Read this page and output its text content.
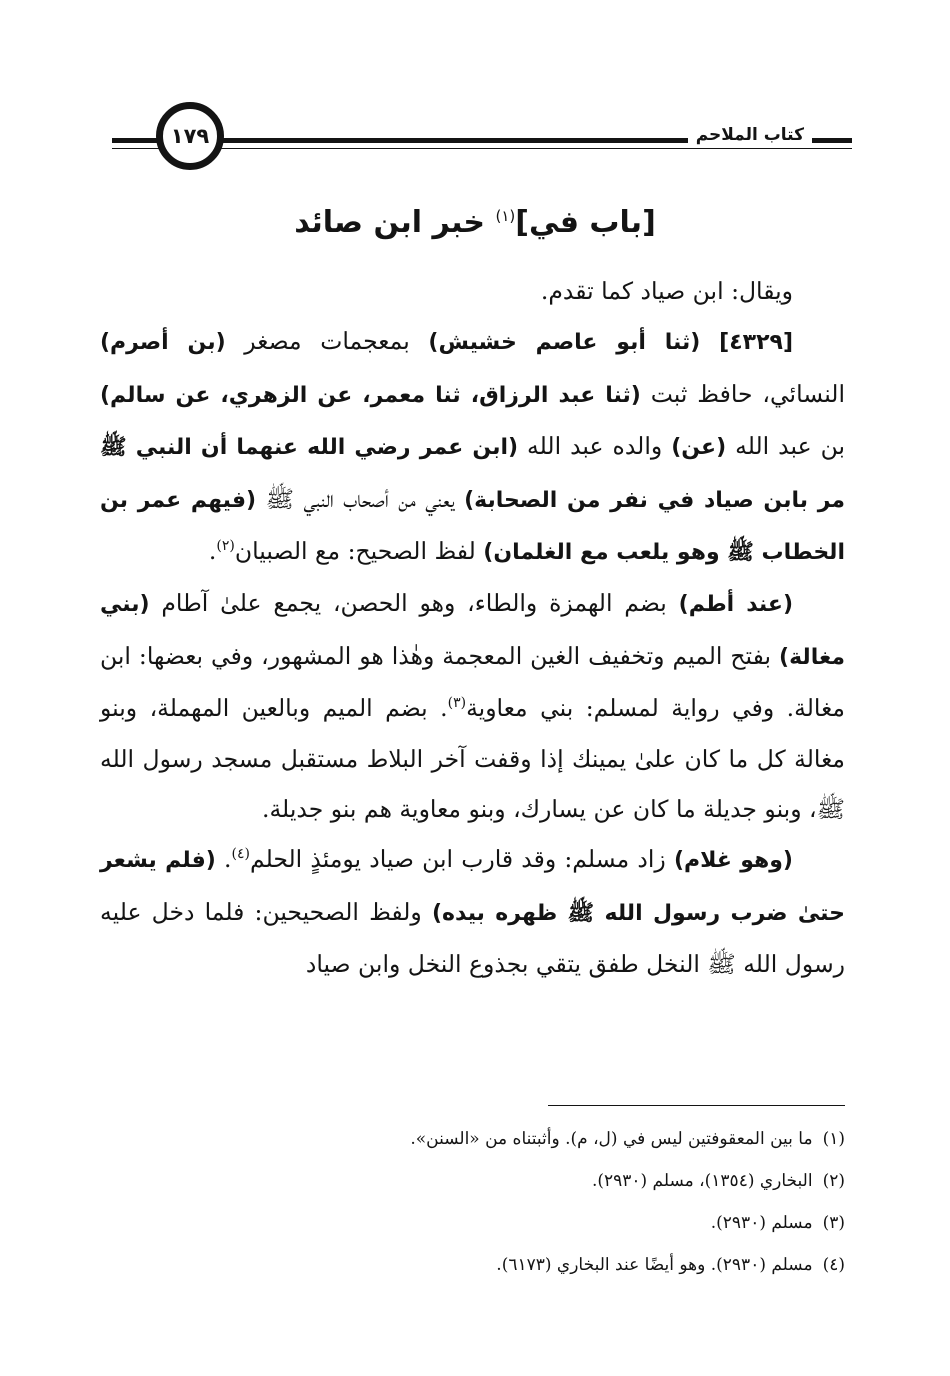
١٧٩	كتاب الملاحم
[باب في]$^{(١)}$ خبر ابن صائد

ويقال: ابن صياد كما تقدم.

[٤٣٢٩] (ثنا أبو عاصم خشيش) بمعجمات مصغر (بن أصرم) النسائي، حافظ ثبت (ثنا عبد الرزاق، ثنا معمر، عن الزهري، عن سالم) بن عبد الله (عن) والده عبد الله (ابن عمر رضي الله عنهما أن النبي ﷺ مر بابن صياد في نفر من الصحابة) يعني من أصحاب النبي ﷺ (فيهم عمر بن الخطاب ﷺ وهو يلعب مع الغلمان) لفظ الصحيح: مع الصبيان$^{(٢)}$.

(عند أطم) بضم الهمزة والطاء، وهو الحصن، يجمع علىٰ آطام (بني مغالة) بفتح الميم وتخفيف الغين المعجمة وهٰذا هو المشهور، وفي بعضها: ابن مغالة. وفي رواية لمسلم: بني معاوية$^{(٣)}$. بضم الميم وبالعين المهملة، وبنو مغالة كل ما كان علىٰ يمينك إذا وقفت آخر البلاط مستقبل مسجد رسول الله ﷺ، وبنو جديلة ما كان عن يسارك، وبنو معاوية هم بنو جديلة.

(وهو غلام) زاد مسلم: وقد قارب ابن صياد يومئذٍ الحلم$^{(٤)}$. (فلم يشعر حتىٰ ضرب رسول الله ﷺ ظهره بيده) ولفظ الصحيحين: فلما دخل عليه رسول الله ﷺ النخل طفق يتقي بجذوع النخل وابن صياد

(١)ما بين المعقوفتين ليس في (ل، م). وأثبتناه من «السنن».

(٢)البخاري (١٣٥٤)، مسلم (٢٩٣٠).

(٣)مسلم (٢٩٣٠).

(٤)مسلم (٢٩٣٠). وهو أيضًا عند البخاري (٦١٧٣).
